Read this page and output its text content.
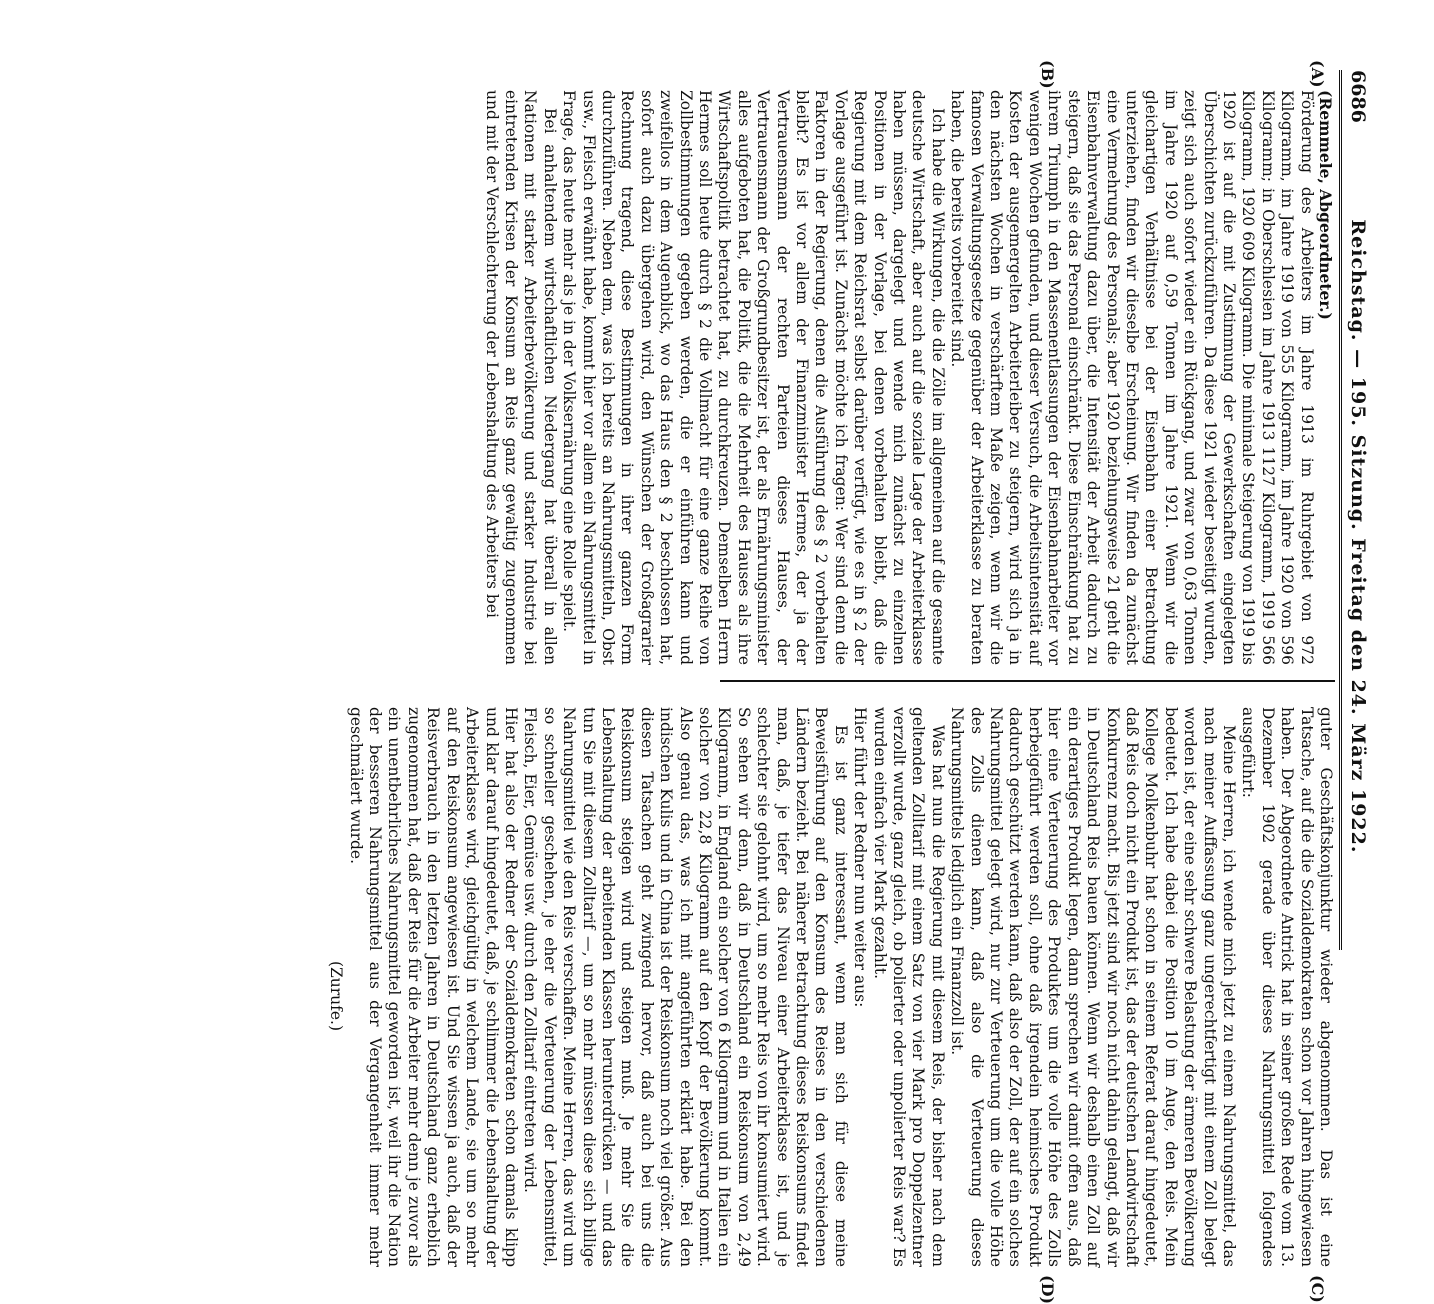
6686
Reichstag. — 195. Sitzung. Freitag den 24. März 1922.
(A)
(B)
(C)
(D)

(Remmele, Abgeordneter.)

Förderung des Arbeiters im Jahre 1913 im Ruhrgebiet von 972 Kilogramm, im Jahre 1919 von 555 Kilogramm, im Jahre 1920 von 596 Kilogramm; in Oberschlesien im Jahre 1913 1127 Kilogramm, 1919 566 Kilogramm, 1920 609 Kilogramm. Die minimale Steigerung von 1919 bis 1920 ist auf die mit Zustimmung der Gewerkschaften eingelegten Überschichten zurückzuführen. Da diese 1921 wieder beseitigt wurden, zeigt sich auch sofort wieder ein Rückgang, und zwar von 0,63 Tonnen im Jahre 1920 auf 0,59 Tonnen im Jahre 1921. Wenn wir die gleichartigen Verhältnisse bei der Eisenbahn einer Betrachtung unterziehen, finden wir dieselbe Erscheinung. Wir finden da zunächst eine Vermehrung des Personals; aber 1920 beziehungsweise 21 geht die Eisenbahnverwaltung dazu über, die Intensität der Arbeit dadurch zu steigern, daß sie das Personal einschränkt. Diese Einschränkung hat zu ihrem Triumph in den Massenentlassungen der Eisenbahnarbeiter vor wenigen Wochen gefunden, und dieser Versuch, die Arbeitsintensität auf Kosten der ausgemergelten Arbeiterleiber zu steigern, wird sich ja in den nächsten Wochen in verschärftem Maße zeigen, wenn wir die famosen Verwaltungsgesetze gegenüber der Arbeiterklasse zu beraten haben, die bereits vorbereitet sind.

Ich habe die Wirkungen, die die Zölle im allgemeinen auf die gesamte deutsche Wirtschaft, aber auch auf die soziale Lage der Arbeiterklasse haben müssen, dargelegt und wende mich zunächst zu einzelnen Positionen in der Vorlage, bei denen vorbehalten bleibt, daß die Regierung mit dem Reichsrat selbst darüber verfügt, wie es in § 2 der Vorlage ausgeführt ist. Zunächst möchte ich fragen: Wer sind denn die Faktoren in der Regierung, denen die Ausführung des § 2 vorbehalten bleibt? Es ist vor allem der Finanzminister Hermes, der ja der Vertrauensmann der rechten Parteien dieses Hauses, der Vertrauensmann der Großgrundbesitzer ist, der als Ernährungsminister alles aufgeboten hat, die Politik, die die Mehrheit des Hauses als ihre Wirtschaftspolitik betrachtet hat, zu durchkreuzen. Demselben Herrn Hermes soll heute durch § 2 die Vollmacht für eine ganze Reihe von Zollbestimmungen gegeben werden, die er einführen kann und zweifellos in dem Augenblick, wo das Haus den § 2 beschlossen hat, sofort auch dazu übergehen wird, den Wünschen der Großagrarier Rechnung tragend, diese Bestimmungen in ihrer ganzen Form durchzuführen. Neben dem, was ich bereits an Nahrungsmitteln, Obst usw., Fleisch erwähnt habe, kommt hier vor allem ein Nahrungsmittel in Frage, das heute mehr als je in der Volksernährung eine Rolle spielt.

Bei anhaltendem wirtschaftlichen Niedergang hat überall in allen Nationen mit starker Arbeiterbevölkerung und starker Industrie bei eintretenden Krisen der Konsum an Reis ganz gewaltig zugenommen und mit der Verschlechterung der Lebenshaltung des Arbeiters bei

guter Geschäftskonjunktur wieder abgenommen. Das ist eine Tatsache, auf die die Sozialdemokraten schon vor Jahren hingewiesen haben. Der Abgeordnete Antrick hat in seiner großen Rede vom 13. Dezember 1902 gerade über dieses Nahrungsmittel folgendes ausgeführt:

Meine Herren, ich wende mich jetzt zu einem Nahrungsmittel, das nach meiner Auffassung ganz ungerechtfertigt mit einem Zoll belegt worden ist, der eine sehr schwere Belastung der ärmeren Bevölkerung bedeutet. Ich habe dabei die Position 10 im Auge, den Reis. Mein Kollege Molkenbuhr hat schon in seinem Referat darauf hingedeutet, daß Reis doch nicht ein Produkt ist, das der deutschen Landwirtschaft Konkurrenz macht. Bis jetzt sind wir noch nicht dahin gelangt, daß wir in Deutschland Reis bauen können. Wenn wir deshalb einen Zoll auf ein derartiges Produkt legen, dann sprechen wir damit offen aus, daß hier eine Verteuerung des Produktes um die volle Höhe des Zolls herbeigeführt werden soll, ohne daß irgendein heimisches Produkt dadurch geschützt werden kann, daß also der Zoll, der auf ein solches Nahrungsmittel gelegt wird, nur zur Verteuerung um die volle Höhe des Zolls dienen kann, daß also die Verteuerung dieses Nahrungsmittels lediglich ein Finanzzoll ist.

Was hat nun die Regierung mit diesem Reis, der bisher nach dem geltenden Zolltarif mit einem Satz von vier Mark pro Doppelzentner verzollt wurde, ganz gleich, ob polierter oder unpolierter Reis war? Es wurden einfach vier Mark gezahlt.

Hier führt der Redner nun weiter aus:

Es ist ganz interessant, wenn man sich für diese meine Beweisführung auf den Konsum des Reises in den verschiedenen Ländern bezieht. Bei näherer Betrachtung dieses Reiskonsums findet man, daß, je tiefer das Niveau einer Arbeiterklasse ist, und je schlechter sie gelohnt wird, um so mehr Reis von ihr konsumiert wird. So sehen wir denn, daß in Deutschland ein Reiskonsum von 2,49 Kilogramm, in England ein solcher von 6 Kilogramm und in Italien ein solcher von 22,8 Kilogramm auf den Kopf der Bevölkerung kommt. Also genau das, was ich mit angeführten erklärt habe. Bei den indischen Kulis und in China ist der Reiskonsum noch viel größer. Aus diesen Tatsachen geht zwingend hervor, daß auch bei uns die Reiskonsum steigen wird und steigen muß. Je mehr Sie die Lebenshaltung der arbeitenden Klassen herunterdrücken — und das tun Sie mit diesem Zolltarif —, um so mehr müssen diese sich billige Nahrungsmittel wie den Reis verschaffen. Meine Herren, das wird um so schneller geschehen, je eher die Verteuerung der Lebensmittel, Fleisch, Eier, Gemüse usw. durch den Zolltarif eintreten wird.

Hier hat also der Redner der Sozialdemokraten schon damals klipp und klar darauf hingedeutet, daß, je schlimmer die Lebenshaltung der Arbeiterklasse wird, gleichgültig in welchem Lande, sie um so mehr auf den Reiskonsum angewiesen ist. Und Sie wissen ja auch, daß der Reisverbrauch in den letzten Jahren in Deutschland ganz erheblich zugenommen hat, daß der Reis für die Arbeiter mehr denn je zuvor als ein unentbehrliches Nahrungsmittel geworden ist, weil ihr die Nation der besseren Nahrungsmittel aus der Vergangenheit immer mehr geschmälert wurde.

(Zurufe.)
